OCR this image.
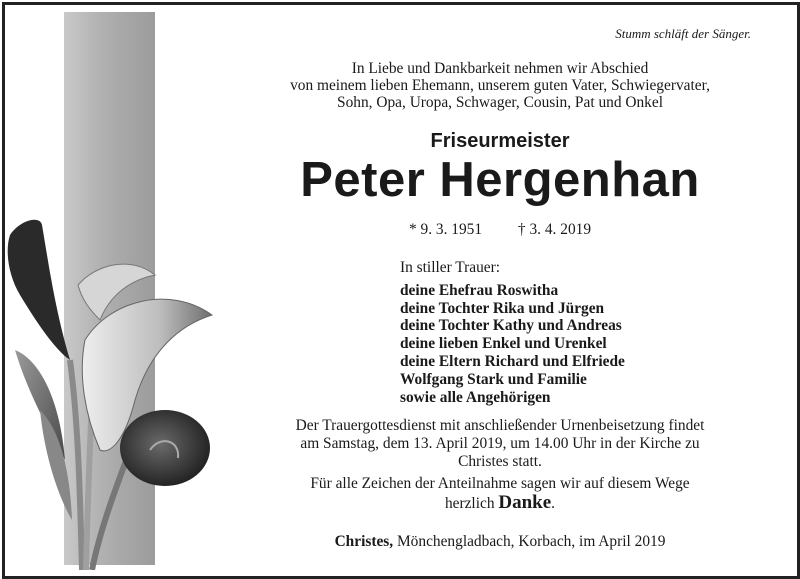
Stumm schläft der Sänger.
In Liebe und Dankbarkeit nehmen wir Abschied
von meinem lieben Ehemann, unserem guten Vater, Schwiegervater,
Sohn, Opa, Uropa, Schwager, Cousin, Pat und Onkel
Friseurmeister
Peter Hergenhan
* 9. 3. 1951 † 3. 4. 2019
In stiller Trauer:
deine Ehefrau Roswitha
deine Tochter Rika und Jürgen
deine Tochter Kathy und Andreas
deine lieben Enkel und Urenkel
deine Eltern Richard und Elfriede
Wolfgang Stark und Familie
sowie alle Angehörigen
Der Trauergottesdienst mit anschließender Urnenbeisetzung findet
am Samstag, dem 13. April 2019, um 14.00 Uhr in der Kirche zu
Christes statt.
Für alle Zeichen der Anteilnahme sagen wir auf diesem Wege
herzlich Danke.
Christes, Mönchengladbach, Korbach, im April 2019
